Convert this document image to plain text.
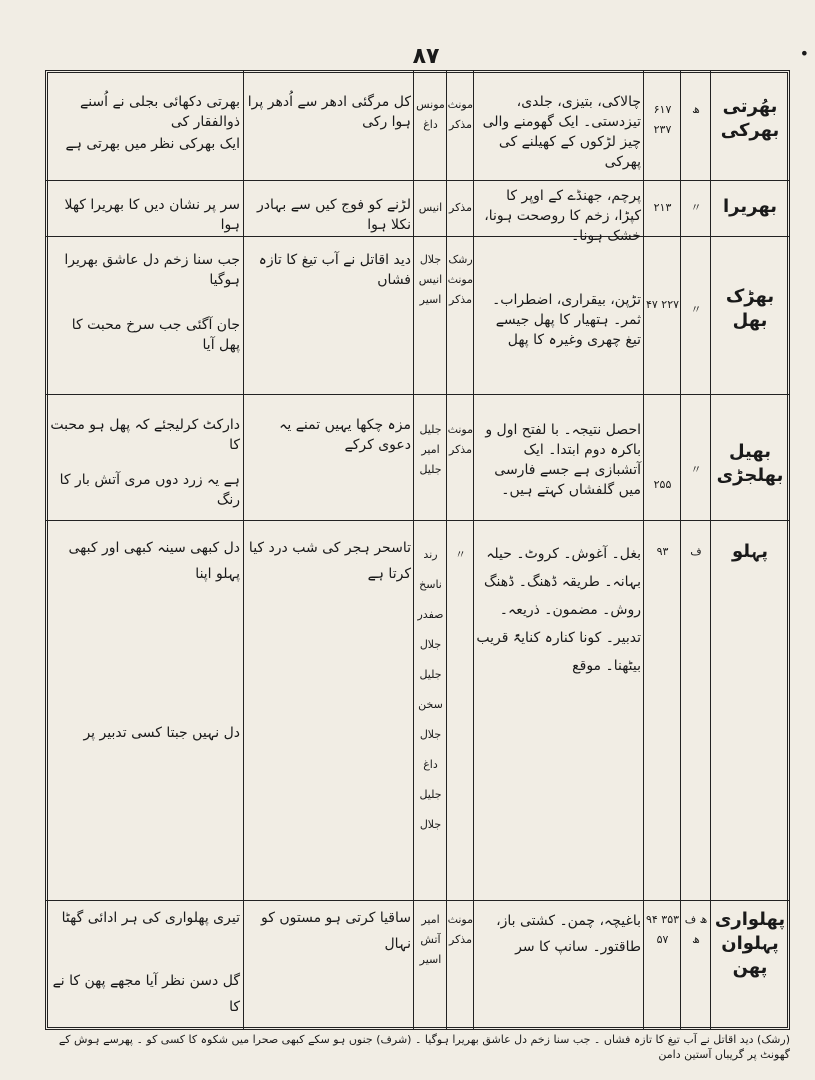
۸۷	•
بھُرتی بھرکی
ھ
۶۱۷ ۲۳۷
چالاکی، بتیزی، جلدی، تیزدستی۔ ایک گھومنے والی چیز لڑکوں کے کھیلنے کی پھرکی
مونث مذکر
مونس داغ
کل مرگئی ادھر سے اُدھر پرا ہوا رکی
بھرتی دکھائی بجلی نے اُسنے ذوالفقار کی
ایک بھرکی نظر میں بھرتی ہے
بھریرا
〃
۲۱۳
پرچم، جھنڈے کے اوپر کا کپڑا، زخم کا روصحت ہونا، خشک ہونا۔
مذکر
انیس
لڑنے کو فوج کیں سے بہادر نکلا ہوا
سر پر نشان دیں کا بھریرا کھلا ہوا
بھڑک بھل
〃
۲۲۷ ۴۷
تڑپن، بیقراری، اضطراب۔ ثمر۔ ہتھیار کا پھل جیسے تیغ چھری وغیرہ کا پھل
رشک مونث مذکر
جلال انیس اسیر
دید اقاتل نے آب تیغ کا تازہ فشاں
جب سنا زخم دل عاشق بھریرا ہوگیا
جان آگئی جب سرخ محبت کا پھل آیا
بھیل بھلجڑی
〃
۲۵۵
احصل نتیجہ۔ با لفتح اول و باکرہ دوم ابتدا۔ ایک آتشبازی ہے جسے فارسی میں گلفشاں کہتے ہیں۔
مونث مذکر
جلیل امیر جلیل
مزہ چکھا یہیں تمنے یہ دعوی کرکے
دارکٹ کرلیجئے کہ پھل ہو محبت کا
ہے یہ زرد دوں مری آتش بار کا رنگ
پہلو
ف
۹۳
بغل۔ آغوش۔ کروٹ۔ حیلہ بہانہ۔ طریقہ ڈھنگ۔ ڈھنگ روش۔ مضمون۔ ذریعہ۔ تدبیر۔ کونا کنارہ کنایۃً قریب بیٹھنا۔ موقع
〃
رند ناسخ صفدر جلال جلیل سخن جلال داغ جلیل جلال
تاسحر ہجر کی شب درد کیا کرتا ہے
دل کبھی سینہ کبھی اور کبھی پہلو اپنا
دل نہیں جبتا کسی تدبیر پر
پھلواری پہلوان پھن
ھ ف ھ
۳۵۳ ۹۴ ۵۷
باغیچہ، چمن۔ کشتی باز، طاقتور۔ سانپ کا سر
مونث مذکر
امیر آتش اسیر
ساقیا کرتی ہو مستوں کو نہال
تیری پھلواری کی ہر ادائی گھٹا
گل دسن نظر آیا مجھے پھن کا نے کا
(رشک) دید اقاتل نے آب تیغ کا تازہ فشاں ۔ جب سنا زخم دل عاشق بھریرا ہوگیا ۔ (شرف) جنوں ہو سکے کبھی صحرا میں شکوہ کا کسی کو ۔ پھرسے ہوش کے گھونٹ پر گریباں آستین دامن
